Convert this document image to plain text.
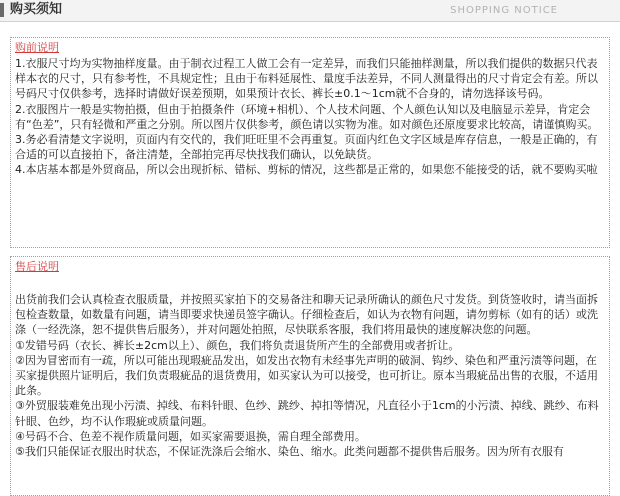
购买须知	SHOPPING NOTICE
购前说明

1.衣服尺寸均为实物抽样度量。由于制衣过程工人做工会有一定差异，而我们只能抽样测量，所以我们提供的数据只代表样本衣的尺寸，只有参考性，不具规定性；且由于布料延展性、量度手法差异，不同人测量得出的尺寸肯定会有差。所以号码尺寸仅供参考，选择时请做好误差预期，如果预计衣长、裤长±0.1～1cm就不合身的，请勿选择该号码。

2.衣服图片一般是实物拍摄，但由于拍摄条件（环境+相机）、个人技术问题、个人颜色认知以及电脑显示差异，肯定会有“色差”，只有轻微和严重之分别。所以图片仅供参考，颜色请以实物为准。如对颜色还原度要求比较高，请谨慎购买。

3.务必看清楚文字说明，页面内有交代的，我们旺旺里不会再重复。页面内红色文字区域是库存信息，一般是正确的，有合适的可以直接拍下，备注清楚，全部拍完再尽快找我们确认，以免缺货。

4.本店基本都是外贸商品，所以会出现折标、错标、剪标的情况，这些都是正常的，如果您不能接受的话，就不要购买啦

售后说明

出货前我们会认真检查衣服质量，并按照买家拍下的交易备注和聊天记录所确认的颜色尺寸发货。到货签收时，请当面拆包检查数量，如数量有问题，请当即要求快递员签字确认。仔细检查后，如认为衣物有问题，请勿剪标（如有的话）或洗涤（一经洗涤，恕不提供售后服务），并对问题处拍照，尽快联系客服，我们将用最快的速度解决您的问题。

①发错号码（衣长、裤长±2cm以上）、颜色，我们将负责退货所产生的全部费用或者折让。

②因为冒密而有一疏，所以可能出现瑕疵品发出，如发出衣物有未经事先声明的破洞、钩纱、染色和严重污渍等问题，在买家提供照片证明后，我们负责瑕疵品的退货费用，如买家认为可以接受，也可折让。原本当瑕疵品出售的衣服，不适用此条。

③外贸服装难免出现小污渍、掉线、布料针眼、色纱、跳纱、掉扣等情况，凡直径小于1cm的小污渍、掉线、跳纱、布料针眼、色纱，均不认作瑕疵或质量问题。

④号码不合、色差不视作质量问题，如买家需要退换，需自理全部费用。

⑤我们只能保证衣服出时状态，不保证洗涤后会缩水、染色、缩水。此类问题都不提供售后服务。因为所有衣服有
